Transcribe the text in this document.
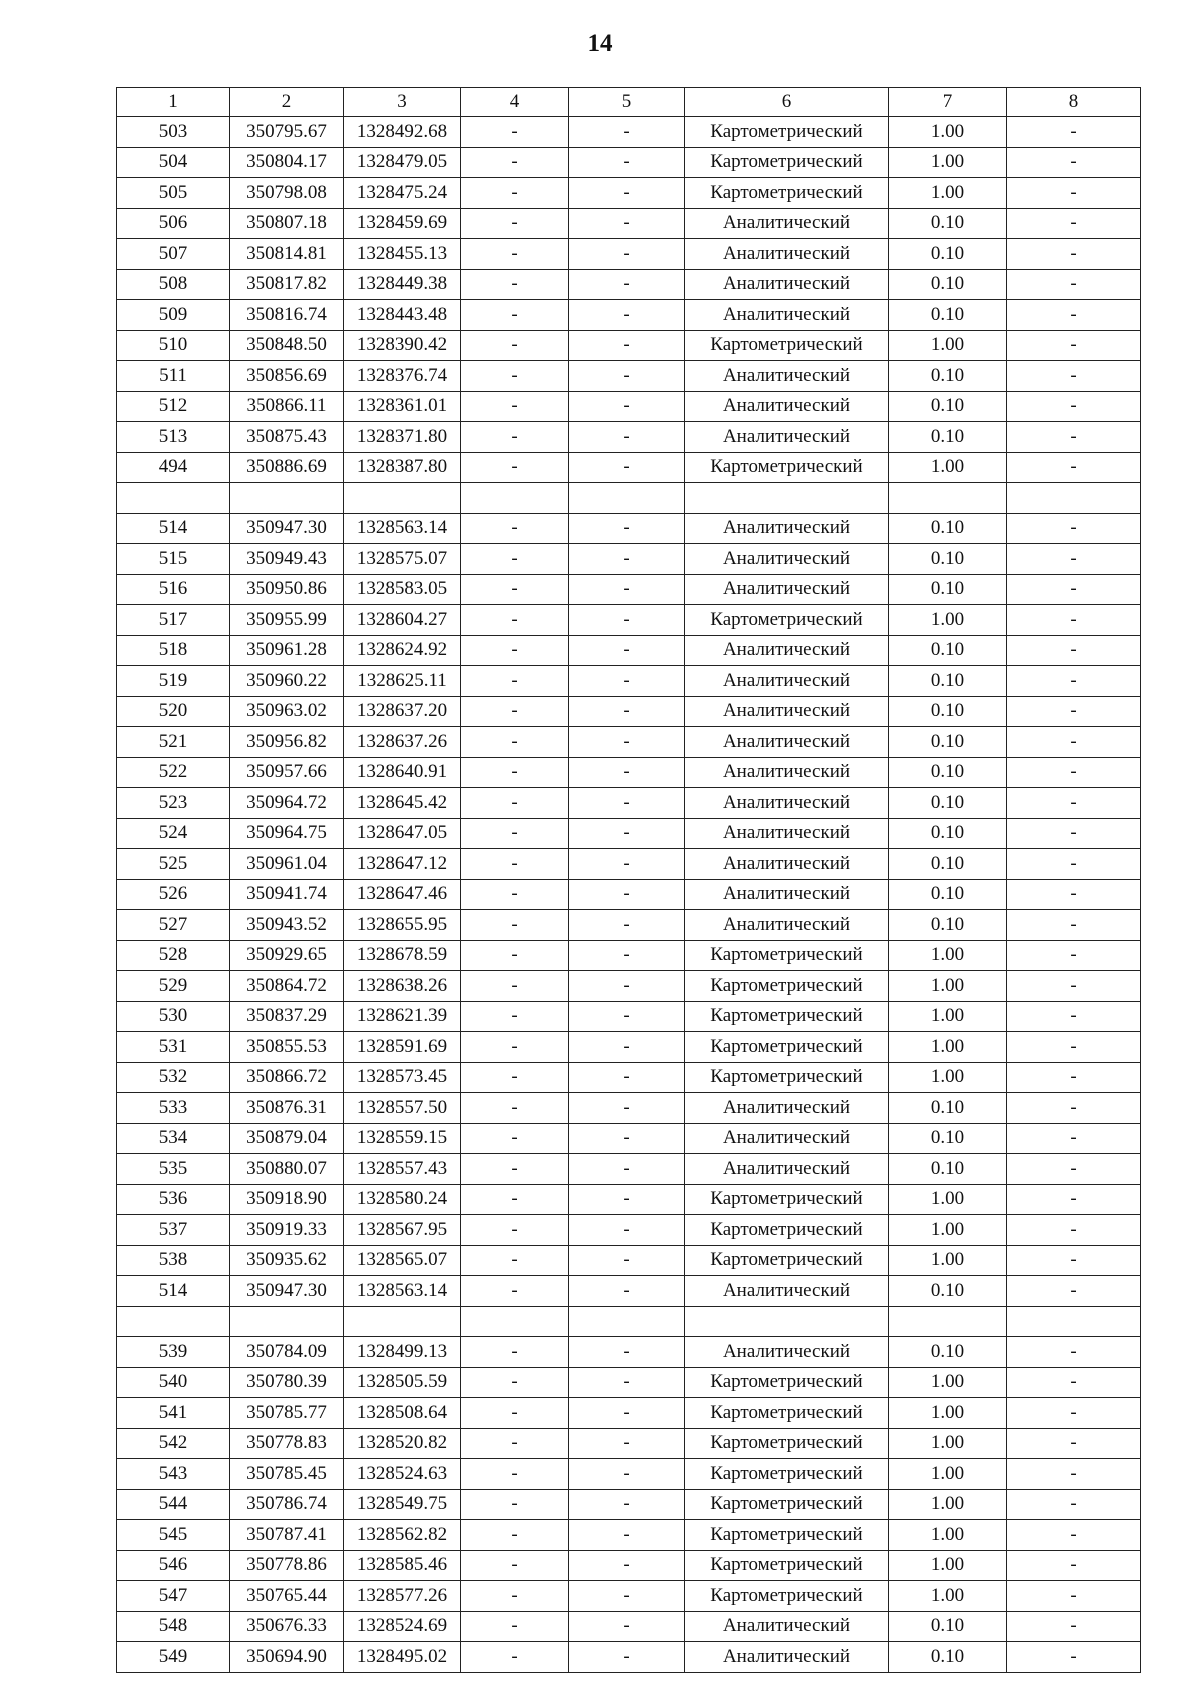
14
1	2	3	4	5	6	7	8
503	350795.67	1328492.68	-	-	Картометрический	1.00	-
504	350804.17	1328479.05	-	-	Картометрический	1.00	-
505	350798.08	1328475.24	-	-	Картометрический	1.00	-
506	350807.18	1328459.69	-	-	Аналитический	0.10	-
507	350814.81	1328455.13	-	-	Аналитический	0.10	-
508	350817.82	1328449.38	-	-	Аналитический	0.10	-
509	350816.74	1328443.48	-	-	Аналитический	0.10	-
510	350848.50	1328390.42	-	-	Картометрический	1.00	-
511	350856.69	1328376.74	-	-	Аналитический	0.10	-
512	350866.11	1328361.01	-	-	Аналитический	0.10	-
513	350875.43	1328371.80	-	-	Аналитический	0.10	-
494	350886.69	1328387.80	-	-	Картометрический	1.00	-

514	350947.30	1328563.14	-	-	Аналитический	0.10	-
515	350949.43	1328575.07	-	-	Аналитический	0.10	-
516	350950.86	1328583.05	-	-	Аналитический	0.10	-
517	350955.99	1328604.27	-	-	Картометрический	1.00	-
518	350961.28	1328624.92	-	-	Аналитический	0.10	-
519	350960.22	1328625.11	-	-	Аналитический	0.10	-
520	350963.02	1328637.20	-	-	Аналитический	0.10	-
521	350956.82	1328637.26	-	-	Аналитический	0.10	-
522	350957.66	1328640.91	-	-	Аналитический	0.10	-
523	350964.72	1328645.42	-	-	Аналитический	0.10	-
524	350964.75	1328647.05	-	-	Аналитический	0.10	-
525	350961.04	1328647.12	-	-	Аналитический	0.10	-
526	350941.74	1328647.46	-	-	Аналитический	0.10	-
527	350943.52	1328655.95	-	-	Аналитический	0.10	-
528	350929.65	1328678.59	-	-	Картометрический	1.00	-
529	350864.72	1328638.26	-	-	Картометрический	1.00	-
530	350837.29	1328621.39	-	-	Картометрический	1.00	-
531	350855.53	1328591.69	-	-	Картометрический	1.00	-
532	350866.72	1328573.45	-	-	Картометрический	1.00	-
533	350876.31	1328557.50	-	-	Аналитический	0.10	-
534	350879.04	1328559.15	-	-	Аналитический	0.10	-
535	350880.07	1328557.43	-	-	Аналитический	0.10	-
536	350918.90	1328580.24	-	-	Картометрический	1.00	-
537	350919.33	1328567.95	-	-	Картометрический	1.00	-
538	350935.62	1328565.07	-	-	Картометрический	1.00	-
514	350947.30	1328563.14	-	-	Аналитический	0.10	-

539	350784.09	1328499.13	-	-	Аналитический	0.10	-
540	350780.39	1328505.59	-	-	Картометрический	1.00	-
541	350785.77	1328508.64	-	-	Картометрический	1.00	-
542	350778.83	1328520.82	-	-	Картометрический	1.00	-
543	350785.45	1328524.63	-	-	Картометрический	1.00	-
544	350786.74	1328549.75	-	-	Картометрический	1.00	-
545	350787.41	1328562.82	-	-	Картометрический	1.00	-
546	350778.86	1328585.46	-	-	Картометрический	1.00	-
547	350765.44	1328577.26	-	-	Картометрический	1.00	-
548	350676.33	1328524.69	-	-	Аналитический	0.10	-
549	350694.90	1328495.02	-	-	Аналитический	0.10	-
